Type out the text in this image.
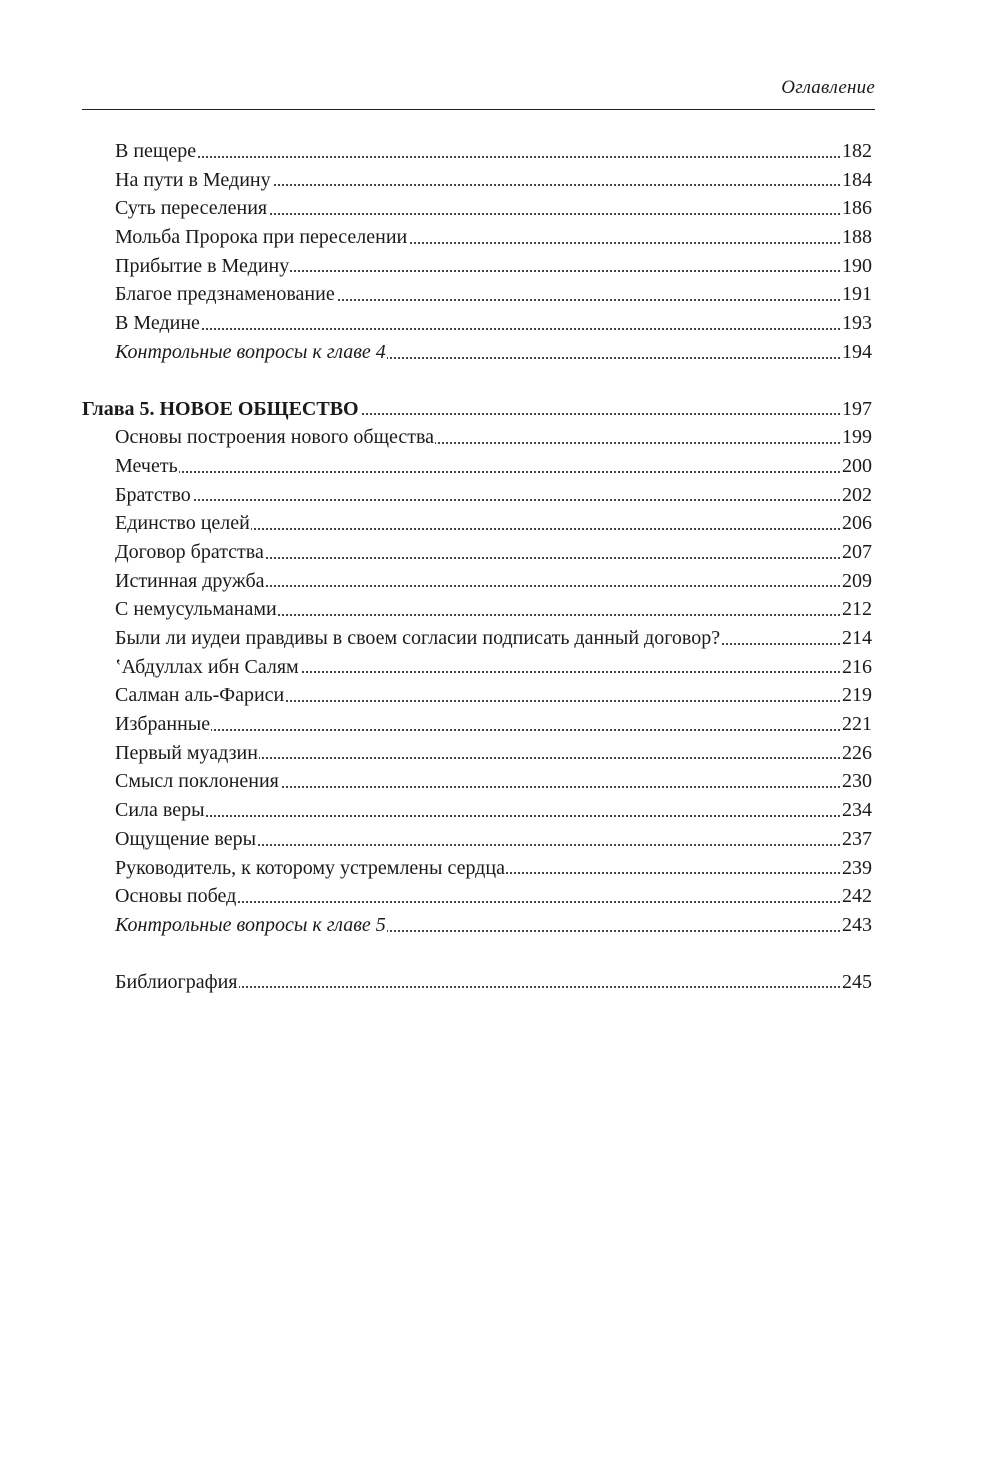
Оглавление
В пещере	182
На пути в Медину	184
Суть переселения	186
Мольба Пророка при переселении	188
Прибытие в Медину	190
Благое предзнаменование	191
В Медине	193
Контрольные вопросы к главе 4	194
Глава 5. НОВОЕ ОБЩЕСТВО	197
Основы построения нового общества	199
Мечеть	200
Братство	202
Единство целей	206
Договор братства	207
Истинная дружба	209
С немусульманами	212
Были ли иудеи правдивы в своем согласии подписать данный договор?	214
ʽАбдуллах ибн Салям	216
Салман аль-Фариси	219
Избранные	221
Первый муадзин	226
Смысл поклонения	230
Сила веры	234
Ощущение веры	237
Руководитель, к которому устремлены сердца	239
Основы побед	242
Контрольные вопросы к главе 5	243
Библиография	245
